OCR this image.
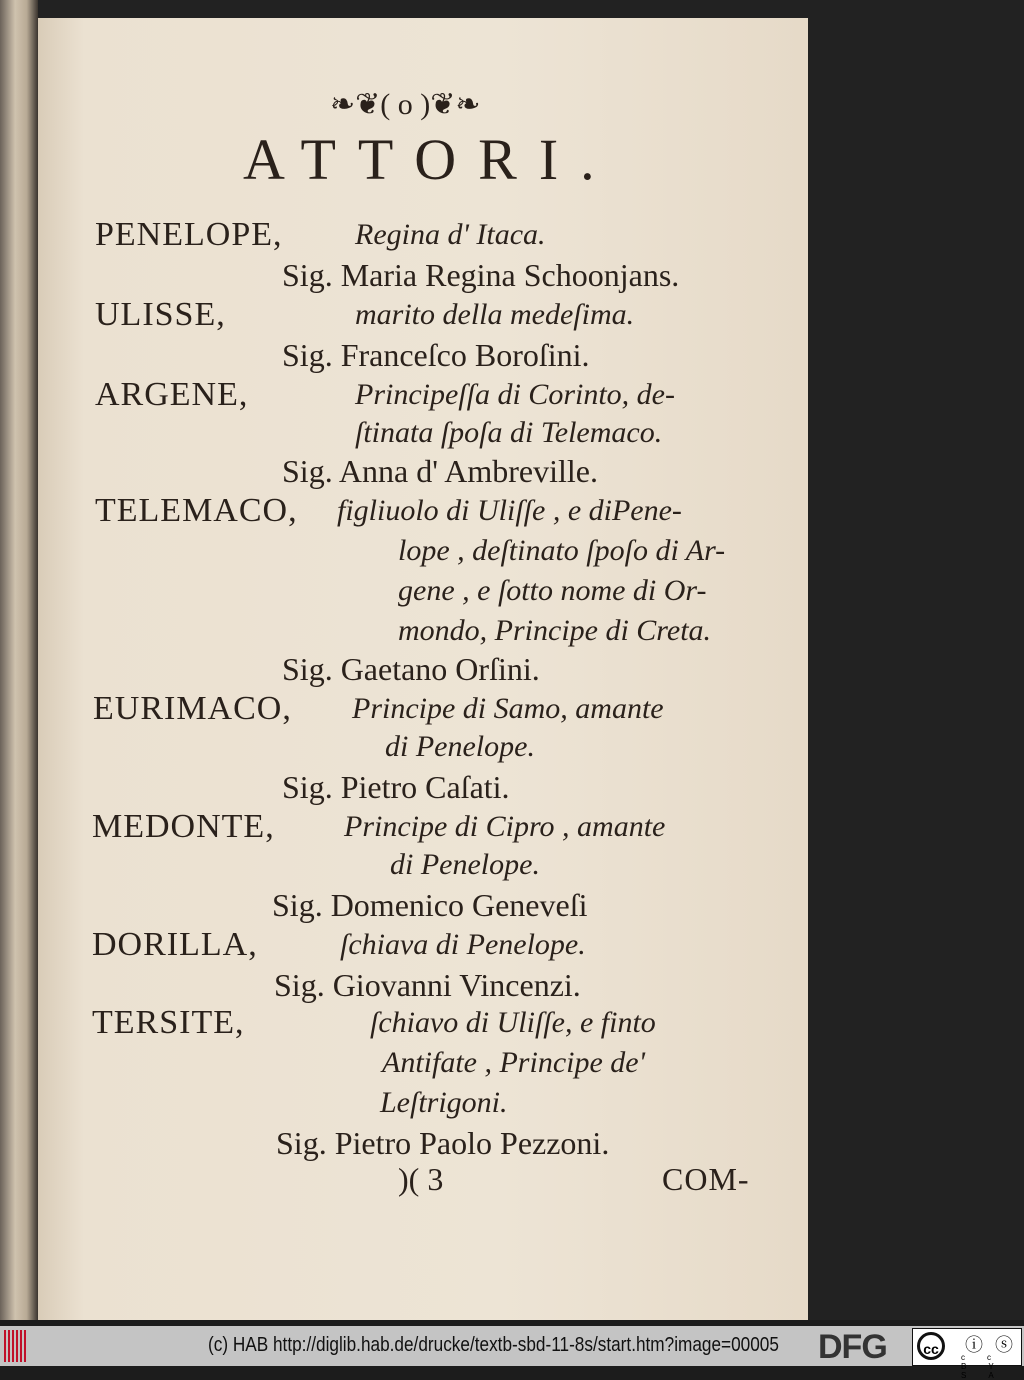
❧❦( o )❦❧
ATTORI.
PENELOPE, Regina d' Itaca.
Sig. Maria Regina Schoonjans.
ULISSE,	marito della medeſima.
Sig. Franceſco Boroſini.
ARGENE,	Principeſſa di Corinto, de-
ſtinata ſpoſa di Telemaco.
Sig. Anna d' Ambreville.
TELEMACO, figliuolo di Uliſſe , e diPene-
lope , deſtinato ſpoſo di Ar-
gene , e ſotto nome di Or-
mondo, Principe di Creta.
Sig. Gaetano Orſini.
EURIMACO, Principe di Samo, amante
di Penelope.
Sig. Pietro Caſati.
MEDONTE, Principe di Cipro , amante
di Penelope.
Sig. Domenico Geneveſi
DORILLA,	ſchiava di Penelope.
Sig. Giovanni Vincenzi.
TERSITE,	ſchiavo di Uliſſe, e finto
Antifate , Principe de'
Leſtrigoni.
Sig. Pietro Paolo Pezzoni.
)( 3	COM-
(c) HAB http://diglib.hab.de/drucke/textb-sbd-11-8s/start.htm?image=00005 DFG	cc	ⓘ ⓢ
cc BY SA
